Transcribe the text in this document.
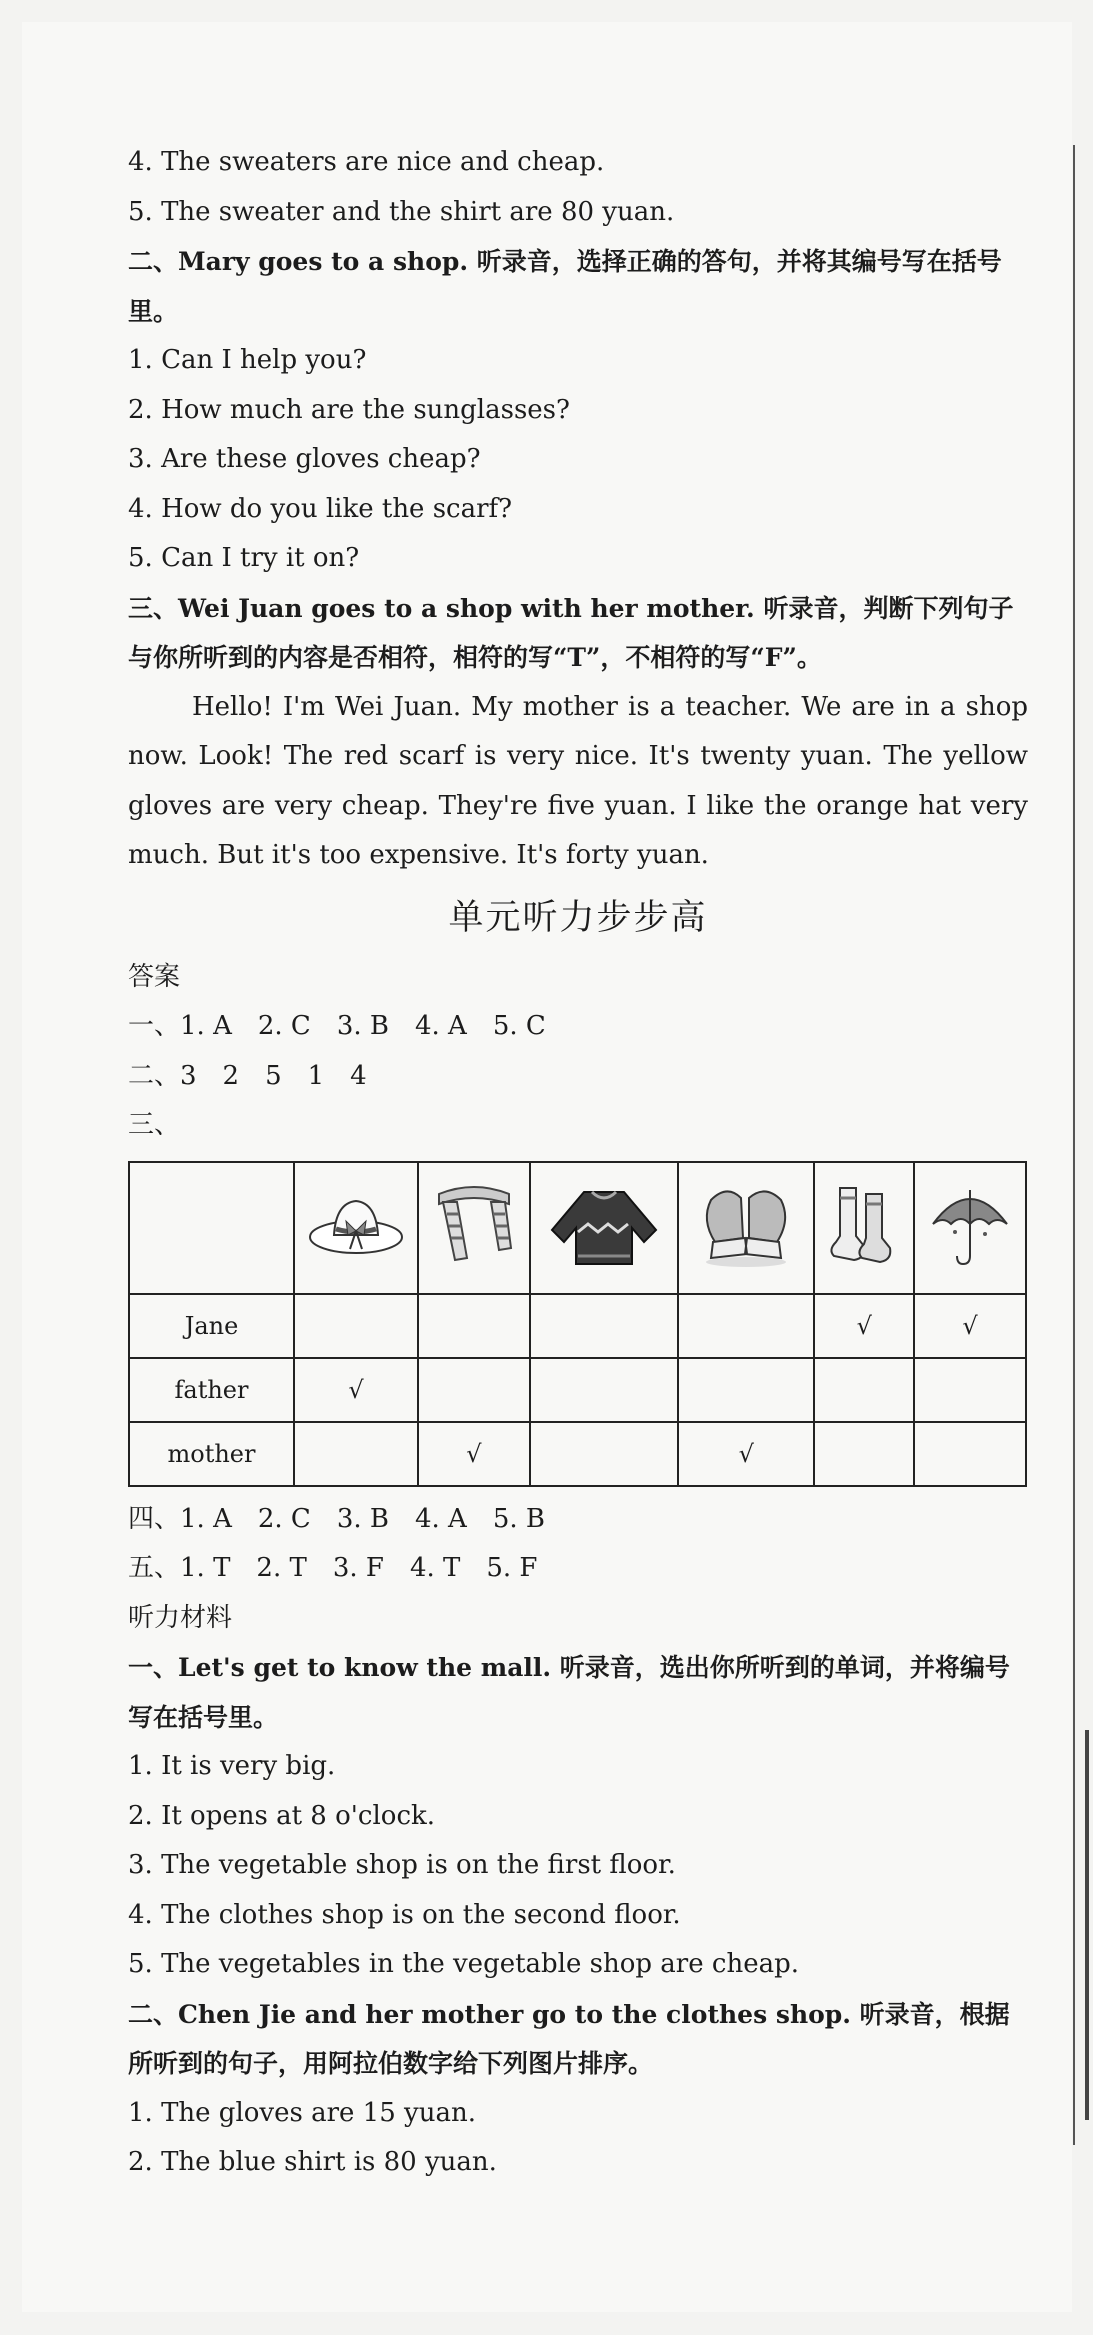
4. The sweaters are nice and cheap.
5. The sweater and the shirt are 80 yuan.
二、Mary goes to a shop. 听录音，选择正确的答句，并将其编号写在括号里。
1. Can I help you?
2. How much are the sunglasses?
3. Are these gloves cheap?
4. How do you like the scarf?
5. Can I try it on?
三、Wei Juan goes to a shop with her mother. 听录音，判断下列句子与你所听到的内容是否相符，相符的写“T”，不相符的写“F”。
Hello! I'm Wei Juan. My mother is a teacher. We are in a shop now. Look! The red scarf is very nice. It's twenty yuan. The yellow gloves are very cheap. They're five yuan. I like the orange hat very much. But it's too expensive. It's forty yuan.
单元听力步步高
答案
一、1. A　2. C　3. B　4. A　5. C
二、3　2　5　1　4
三、

Jane					√	√
father	√					
mother		√		√		
四、1. A　2. C　3. B　4. A　5. B
五、1. T　2. T　3. F　4. T　5. F
听力材料
一、Let's get to know the mall. 听录音，选出你所听到的单词，并将编号写在括号里。
1. It is very big.
2. It opens at 8 o'clock.
3. The vegetable shop is on the first floor.
4. The clothes shop is on the second floor.
5. The vegetables in the vegetable shop are cheap.
二、Chen Jie and her mother go to the clothes shop. 听录音，根据所听到的句子，用阿拉伯数字给下列图片排序。
1. The gloves are 15 yuan.
2. The blue shirt is 80 yuan.
